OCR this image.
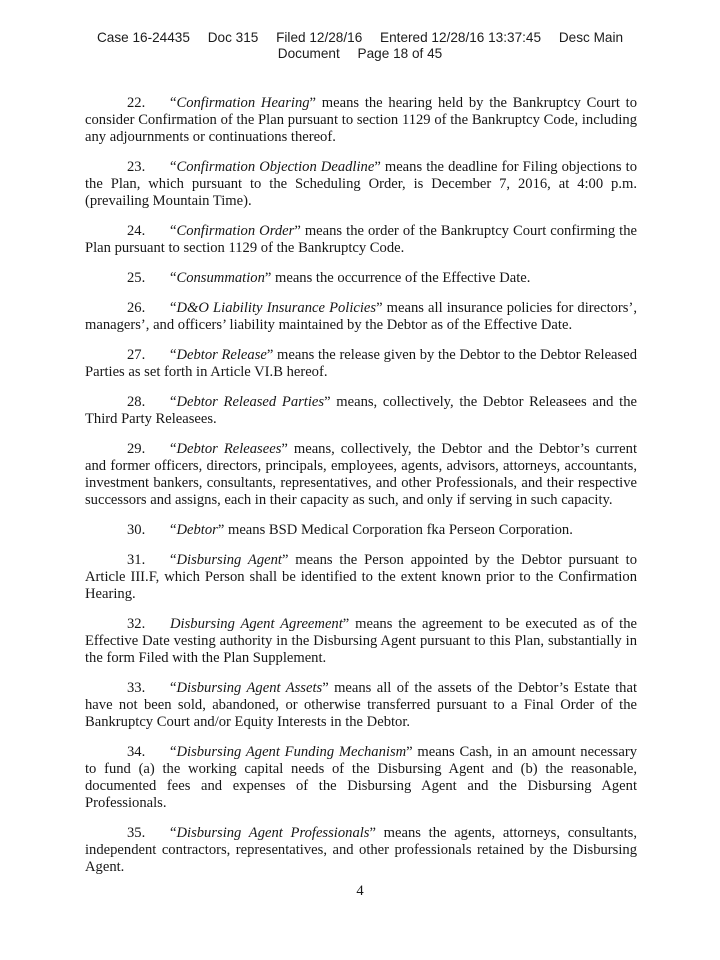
Case 16-24435 Doc 315 Filed 12/28/16 Entered 12/28/16 13:37:45 Desc Main
Document Page 18 of 45

22. “Confirmation Hearing” means the hearing held by the Bankruptcy Court to consider Confirmation of the Plan pursuant to section 1129 of the Bankruptcy Code, including any adjournments or continuations thereof.

23. “Confirmation Objection Deadline” means the deadline for Filing objections to the Plan, which pursuant to the Scheduling Order, is December 7, 2016, at 4:00 p.m. (prevailing Mountain Time).

24. “Confirmation Order” means the order of the Bankruptcy Court confirming the Plan pursuant to section 1129 of the Bankruptcy Code.

25. “Consummation” means the occurrence of the Effective Date.

26. “D&O Liability Insurance Policies” means all insurance policies for directors’, managers’, and officers’ liability maintained by the Debtor as of the Effective Date.

27. “Debtor Release” means the release given by the Debtor to the Debtor Released Parties as set forth in Article VI.B hereof.

28. “Debtor Released Parties” means, collectively, the Debtor Releasees and the Third Party Releasees.

29. “Debtor Releasees” means, collectively, the Debtor and the Debtor’s current and former officers, directors, principals, employees, agents, advisors, attorneys, accountants, investment bankers, consultants, representatives, and other Professionals, and their respective successors and assigns, each in their capacity as such, and only if serving in such capacity.

30. “Debtor” means BSD Medical Corporation fka Perseon Corporation.

31. “Disbursing Agent” means the Person appointed by the Debtor pursuant to Article III.F, which Person shall be identified to the extent known prior to the Confirmation Hearing.

32. Disbursing Agent Agreement” means the agreement to be executed as of the Effective Date vesting authority in the Disbursing Agent pursuant to this Plan, substantially in the form Filed with the Plan Supplement.

33. “Disbursing Agent Assets” means all of the assets of the Debtor’s Estate that have not been sold, abandoned, or otherwise transferred pursuant to a Final Order of the Bankruptcy Court and/or Equity Interests in the Debtor.

34. “Disbursing Agent Funding Mechanism” means Cash, in an amount necessary to fund (a) the working capital needs of the Disbursing Agent and (b) the reasonable, documented fees and expenses of the Disbursing Agent and the Disbursing Agent Professionals.

35. “Disbursing Agent Professionals” means the agents, attorneys, consultants, independent contractors, representatives, and other professionals retained by the Disbursing Agent.

4
